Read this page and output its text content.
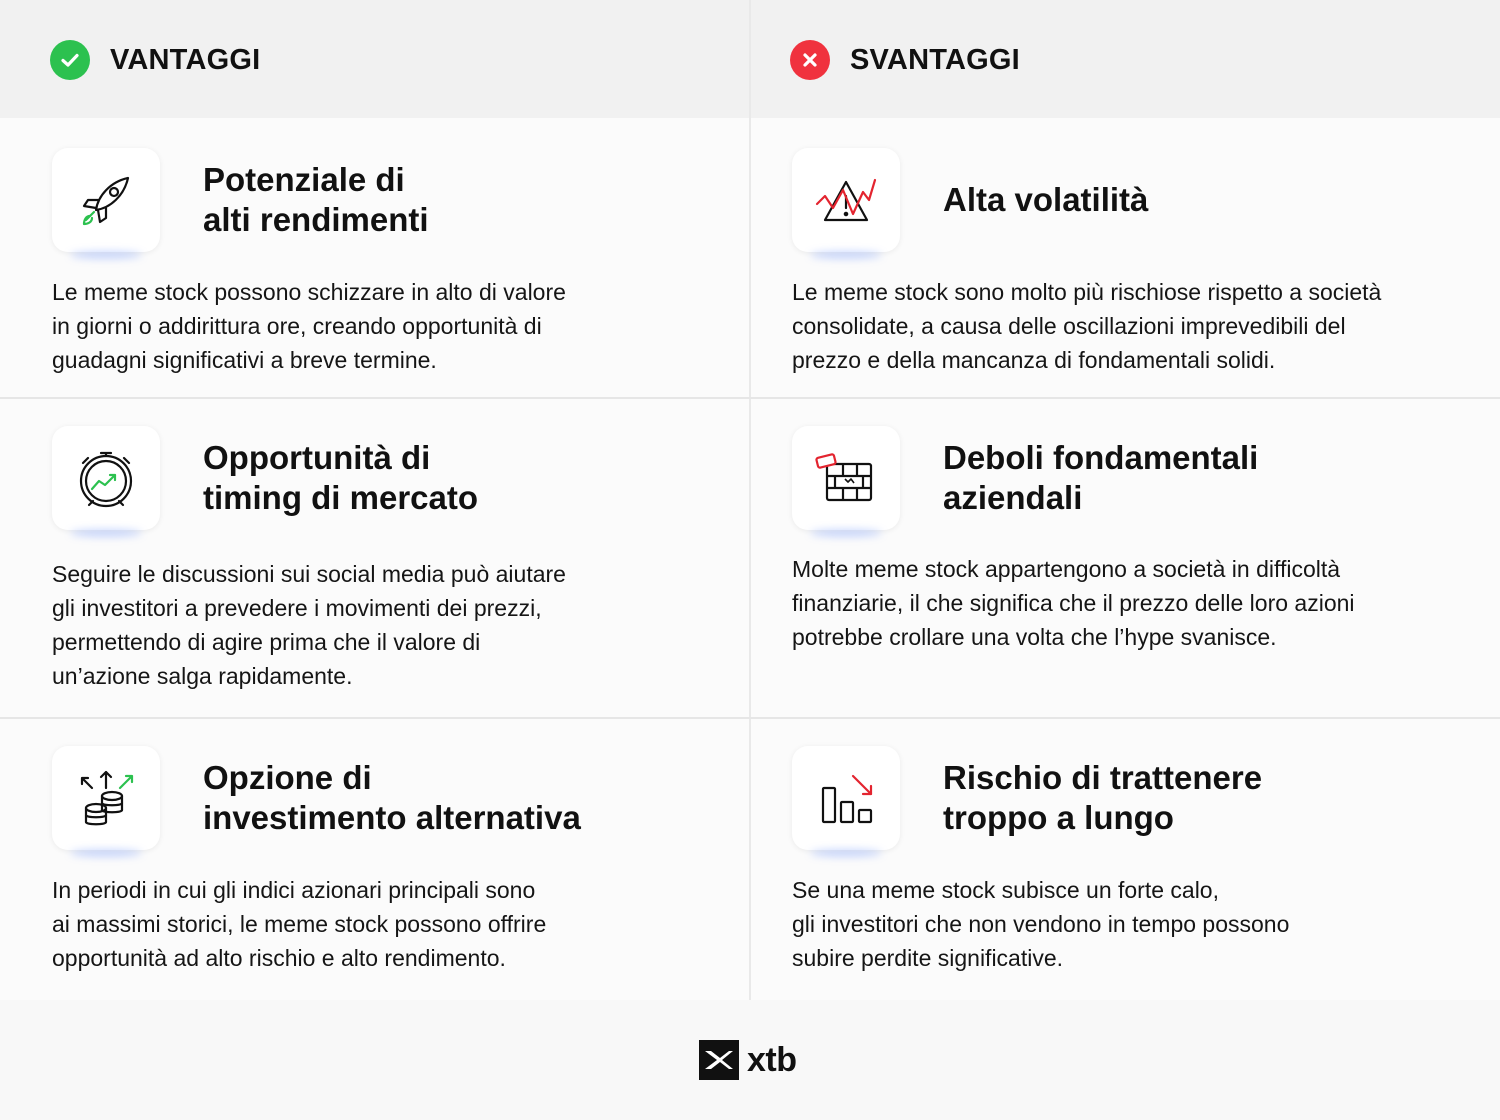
VANTAGGI	SVANTAGGI
Potenziale di
alti rendimenti
Le meme stock possono schizzare in alto di valore
in giorni o addirittura ore, creando opportunità di
guadagni significativi a breve termine.
Opportunità di
timing di mercato
Seguire le discussioni sui social media può aiutare
gli investitori a prevedere i movimenti dei prezzi,
permettendo di agire prima che il valore di
un’azione salga rapidamente.
Opzione di
investimento alternativa
In periodi in cui gli indici azionari principali sono
ai massimi storici, le meme stock possono offrire
opportunità ad alto rischio e alto rendimento.
Alta volatilità
Le meme stock sono molto più rischiose rispetto a società
consolidate, a causa delle oscillazioni imprevedibili del
prezzo e della mancanza di fondamentali solidi.
Deboli fondamentali
aziendali
Molte meme stock appartengono a società in difficoltà
finanziarie, il che significa che il prezzo delle loro azioni
potrebbe crollare una volta che l’hype svanisce.
Rischio di trattenere
troppo a lungo
Se una meme stock subisce un forte calo,
gli investitori che non vendono in tempo possono
subire perdite significative.
xtb
